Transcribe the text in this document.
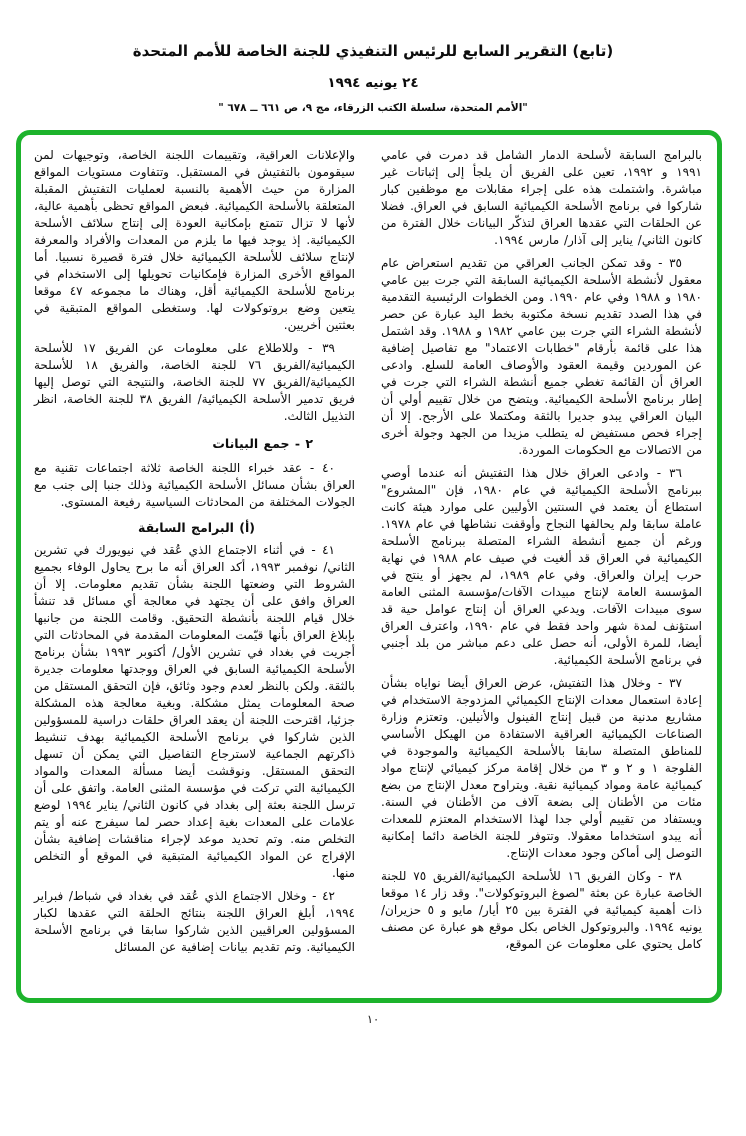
(تابع) التقرير السابع للرئيس التنفيذي للجنة الخاصة للأمم المتحدة
٢٤ يونيه ١٩٩٤
"الأمم المتحدة، سلسلة الكتب الزرقاء، مج ٩، ص ٦٦١ ــ ٦٧٨ "

بالبرامج السابقة لأسلحة الدمار الشامل قد دمرت في عامي ١٩٩١ و ١٩٩٢، تعين على الفريق أن يلجأ إلى إثباتات غير مباشرة. واشتملت هذه على إجراء مقابلات مع موظفين كبار شاركوا في برنامج الأسلحة الكيميائية السابق في العراق. فضلا عن الحلقات التي عقدها العراق لتذكّر البيانات خلال الفترة من كانون الثاني/ يناير إلى آذار/ مارس ١٩٩٤.

٣٥ - وقد تمكن الجانب العراقي من تقديم استعراض عام معقول لأنشطة الأسلحة الكيميائية السابقة التي جرت بين عامي ١٩٨٠ و ١٩٨٨ وفي عام ١٩٩٠. ومن الخطوات الرئيسية التقدمية في هذا الصدد تقديم نسخة مكتوبة بخط اليد عبارة عن حصر لأنشطة الشراء التي جرت بين عامي ١٩٨٢ و ١٩٨٨. وقد اشتمل هذا على قائمة بأرقام "خطابات الاعتماد" مع تفاصيل إضافية عن الموردين وقيمة العقود والأوصاف العامة للسلع. وادعى العراق أن القائمة تغطي جميع أنشطة الشراء التي جرت في إطار برنامج الأسلحة الكيميائية. ويتضح من خلال تقييم أولي أن البيان العراقي يبدو جديرا بالثقة ومكتملا على الأرجح. إلا أن إجراء فحص مستفيض له يتطلب مزيدا من الجهد وجولة أخرى من الاتصالات مع الحكومات الموردة.

٣٦ - وادعى العراق خلال هذا التفتيش أنه عندما أوصي ببرنامج الأسلحة الكيميائية في عام ١٩٨٠، فإن "المشروع" استطاع أن يعتمد في السنتين الأوليين على موارد هيئة كانت عاملة سابقا ولم يحالفها النجاح وأوقفت نشاطها في عام ١٩٧٨. ورغم أن جميع أنشطة الشراء المتصلة ببرنامج الأسلحة الكيميائية في العراق قد ألغيت في صيف عام ١٩٨٨ في نهاية حرب إيران والعراق. وفي عام ١٩٨٩، لم يجهز أو ينتج في المؤسسة العامة لإنتاج مبيدات الآفات/مؤسسة المثنى العامة سوى مبيدات الآفات. ويدعي العراق أن إنتاج عوامل حية قد استؤنف لمدة شهر واحد فقط في عام ١٩٩٠، واعترف العراق أيضا، للمرة الأولى، أنه حصل على دعم مباشر من بلد أجنبي في برنامج الأسلحة الكيميائية.

٣٧ - وخلال هذا التفتيش، عرض العراق أيضا نواياه بشأن إعادة استعمال معدات الإنتاج الكيميائي المزدوجة الاستخدام في مشاريع مدنية من قبيل إنتاج الفينول والأنيلين. وتعتزم وزارة الصناعات الكيميائية العراقية الاستفادة من الهيكل الأساسي للمناطق المتصلة سابقا بالأسلحة الكيميائية والموجودة في الفلوجة ١ و ٢ و ٣ من خلال إقامة مركز كيميائي لإنتاج مواد كيميائية عامة ومواد كيميائية نقية. ويتراوح معدل الإنتاج من بضع مئات من الأطنان إلى بضعة آلاف من الأطنان في السنة. ويستفاد من تقييم أولي جدا لهذا الاستخدام المعتزم للمعدات أنه يبدو استخداما معقولا. وتتوفر للجنة الخاصة دائما إمكانية التوصل إلى أماكن وجود معدات الإنتاج.

٣٨ - وكان الفريق ١٦ للأسلحة الكيميائية/الفريق ٧٥ للجنة الخاصة عبارة عن بعثة "لصوغ البروتوكولات". وقد زار ١٤ موقعا ذات أهمية كيميائية في الفترة بين ٢٥ أيار/ مايو و ٥ حزيران/ يونيه ١٩٩٤. والبروتوكول الخاص بكل موقع هو عبارة عن مصنف كامل يحتوي على معلومات عن الموقع،

والإعلانات العراقية، وتقييمات اللجنة الخاصة، وتوجيهات لمن سيقومون بالتفتيش في المستقبل. وتتفاوت مستويات المواقع المزارة من حيث الأهمية بالنسبة لعمليات التفتيش المقبلة المتعلقة بالأسلحة الكيميائية. فبعض المواقع تحظى بأهمية عالية، لأنها لا تزال تتمتع بإمكانية العودة إلى إنتاج سلائف الأسلحة الكيميائية. إذ يوجد فيها ما يلزم من المعدات والأفراد والمعرفة لإنتاج سلائف للأسلحة الكيميائية خلال فترة قصيرة نسبيا. أما المواقع الأخرى المزارة فإمكانيات تحويلها إلى الاستخدام في برنامج للأسلحة الكيميائية أقل، وهناك ما مجموعه ٤٧ موقعا يتعين وضع بروتوكولات لها. وستغطى المواقع المتبقية في بعثتين أخريين.

٣٩ - وللاطلاع على معلومات عن الفريق ١٧ للأسلحة الكيميائية/الفريق ٧٦ للجنة الخاصة، والفريق ١٨ للأسلحة الكيميائية/الفريق ٧٧ للجنة الخاصة، والنتيجة التي توصل إليها فريق تدمير الأسلحة الكيميائية/ الفريق ٣٨ للجنة الخاصة، انظر التذييل الثالث.

٢ - جمع البيانات

٤٠ - عقد خبراء اللجنة الخاصة ثلاثة اجتماعات تقنية مع العراق بشأن مسائل الأسلحة الكيميائية وذلك جنبا إلى جنب مع الجولات المختلفة من المحادثات السياسية رفيعة المستوى.

(أ) البرامج السابقة

٤١ - في أثناء الاجتماع الذي عُقد في نيويورك في تشرين الثاني/ نوفمبر ١٩٩٣، أكد العراق أنه ما برح يحاول الوفاء بجميع الشروط التي وضعتها اللجنة بشأن تقديم معلومات. إلا أن العراق وافق على أن يجتهد في معالجة أي مسائل قد تنشأ خلال قيام اللجنة بأنشطة التحقيق. وقامت اللجنة من جانبها بإبلاغ العراق بأنها قيّمت المعلومات المقدمة في المحادثات التي أجريت في بغداد في تشرين الأول/ أكتوبر ١٩٩٣ بشأن برنامج الأسلحة الكيميائية السابق في العراق ووجدتها معلومات جديرة بالثقة. ولكن بالنظر لعدم وجود وثائق، فإن التحقق المستقل من صحة المعلومات يمثل مشكلة. وبغية معالجة هذه المشكلة جزئيا، اقترحت اللجنة أن يعقد العراق حلقات دراسية للمسؤولين الذين شاركوا في برنامج الأسلحة الكيميائية بهدف تنشيط ذاكرتهم الجماعية لاسترجاع التفاصيل التي يمكن أن تسهل التحقق المستقل. ونوقشت أيضا مسألة المعدات والمواد الكيميائية التي تركت في مؤسسة المثنى العامة. واتفق على أن ترسل اللجنة بعثة إلى بغداد في كانون الثاني/ يناير ١٩٩٤ لوضع علامات على المعدات بغية إعداد حصر لما سيفرج عنه أو يتم التخلص منه. وتم تحديد موعد لإجراء مناقشات إضافية بشأن الإفراج عن المواد الكيميائية المتبقية في الموقع أو التخلص منها.

٤٢ - وخلال الاجتماع الذي عُقد في بغداد في شباط/ فبراير ١٩٩٤، أبلغ العراق اللجنة بنتائج الحلقة التي عقدها لكبار المسؤولين العراقيين الذين شاركوا سابقا في برنامج الأسلحة الكيميائية. وتم تقديم بيانات إضافية عن المسائل

١٠
